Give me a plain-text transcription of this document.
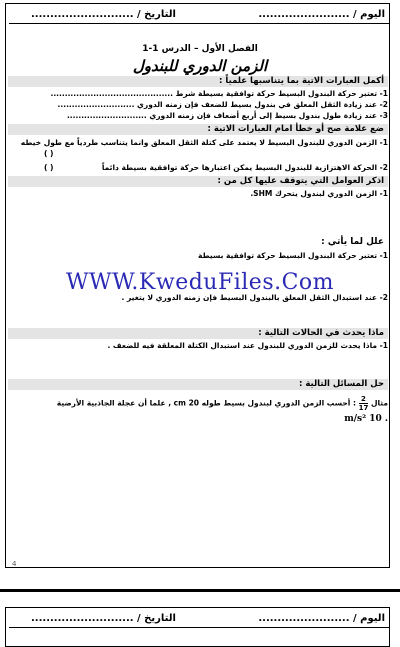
اليوم / ........................
التاريخ / ...........................
الفصل الأول – الدرس 1-1
الزمن الدوري للبندول
أكمل العبارات الاتية بما يتناسبها علمياً :
1- تعتبر حركة البندول البسيط حركة توافقية بسيطة شرط ...........................................
2- عند زيادة الثقل المعلق في بندول بسيط للضعف فإن زمنه الدوري ...........................
3- عند زيادة طول بندول بسيط إلى أربع أضعاف فإن زمنه الدوري ............................
ضع علامة صح أو خطأ امام العبارات الاتية :
1- الزمن الدوري للبندول البسيط لا يعتمد على كتلة الثقل المعلق وانما يتناسب طردياً مع طول خيطه
( )
2- الحركة الاهتزازية للبندول البسيط يمكن اعتبارها حركة توافقية بسيطة دائماً
( )
اذكر العوامل التي يتوقف عليها كل من :
1- الزمن الدوري لبندول يتحرك SHM.
علل لما يأتي :
1- تعتبر حركة البندول البسيط حركة توافقية بسيطة
WWW.KweduFiles.Com
2- عند استبدال الثقل المعلق بالبندول البسيط فإن زمنه الدوري لا يتغير .
ماذا يحدث في الحالات التالية :
1- ماذا يحدث للزمن الدوري للبندول عند استبدال الكتلة المعلقة فيه للضعف .
حل المسائل التالية :
مثال
$\frac{2}{17}$
: أحسب الزمن الدوري لبندول بسيط طوله 20 cm , علما أن عجلة الجاذبية الأرضية
. 10 m/s²
4
اليوم / ........................
التاريخ / ...........................
